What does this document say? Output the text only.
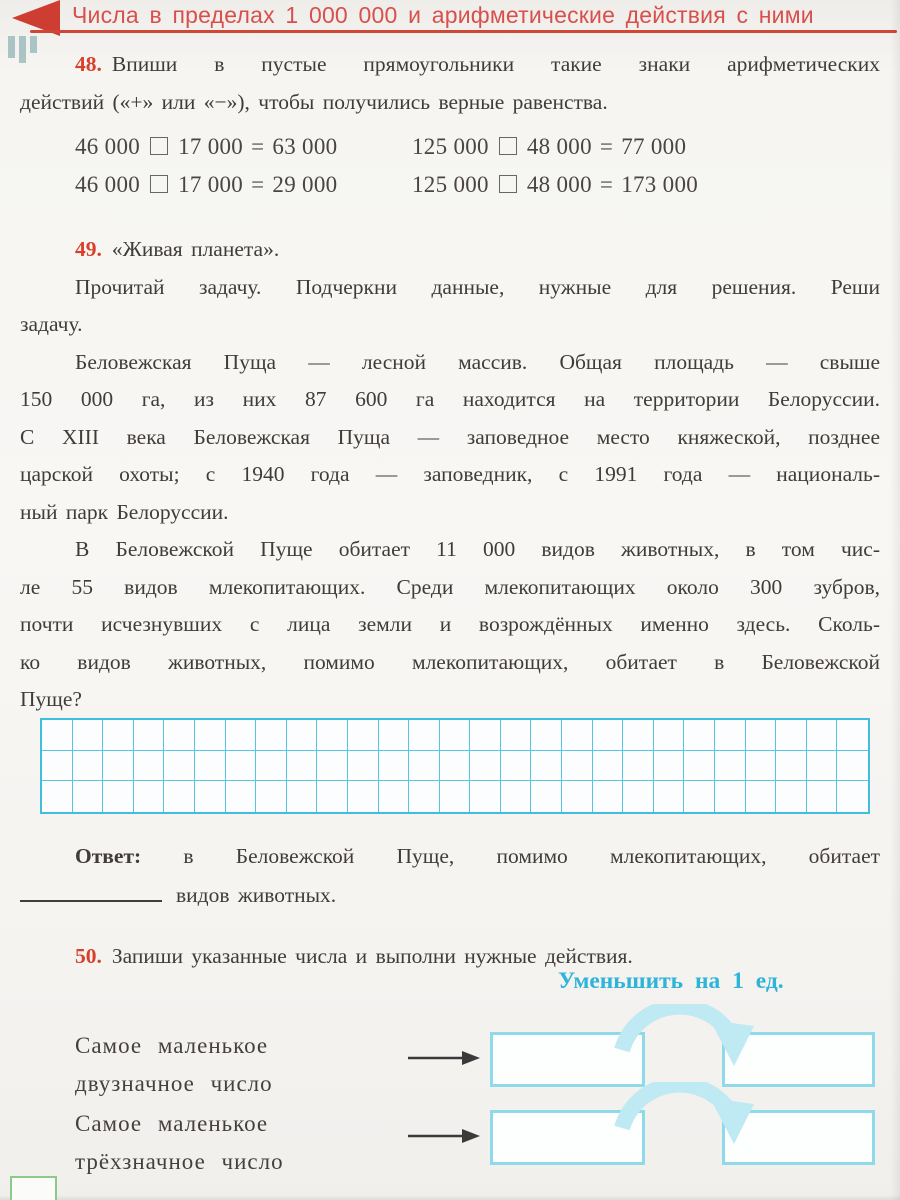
Числа в пределах 1 000 000 и арифметические действия с ними
48. Впиши в пустые прямоугольники такие знаки арифметических
действий («+» или «−»), чтобы получились верные равенства.
46 000 17 000 = 63 000	125 000 48 000 = 77 000
46 000 17 000 = 29 000	125 000 48 000 = 173 000
49. «Живая планета».
Прочитай задачу. Подчеркни данные, нужные для решения. Реши
задачу.
Беловежская Пуща — лесной массив. Общая площадь — свыше
150 000 га, из них 87 600 га находится на территории Белоруссии.
С XIII века Беловежская Пуща — заповедное место княжеской, позднее
царской охоты; с 1940 года — заповедник, с 1991 года — националь-
ный парк Белоруссии.
В Беловежской Пуще обитает 11 000 видов животных, в том чис-
ле 55 видов млекопитающих. Среди млекопитающих около 300 зубров,
почти исчезнувших с лица земли и возрождённых именно здесь. Сколь-
ко видов животных, помимо млекопитающих, обитает в Беловежской
Пуще?
Ответ: в Беловежской Пуще, помимо млекопитающих, обитает
видов животных.
50. Запиши указанные числа и выполни нужные действия.
Уменьшить на 1 ед.
Самое маленькое
двузначное число
Самое маленькое
трёхзначное число
